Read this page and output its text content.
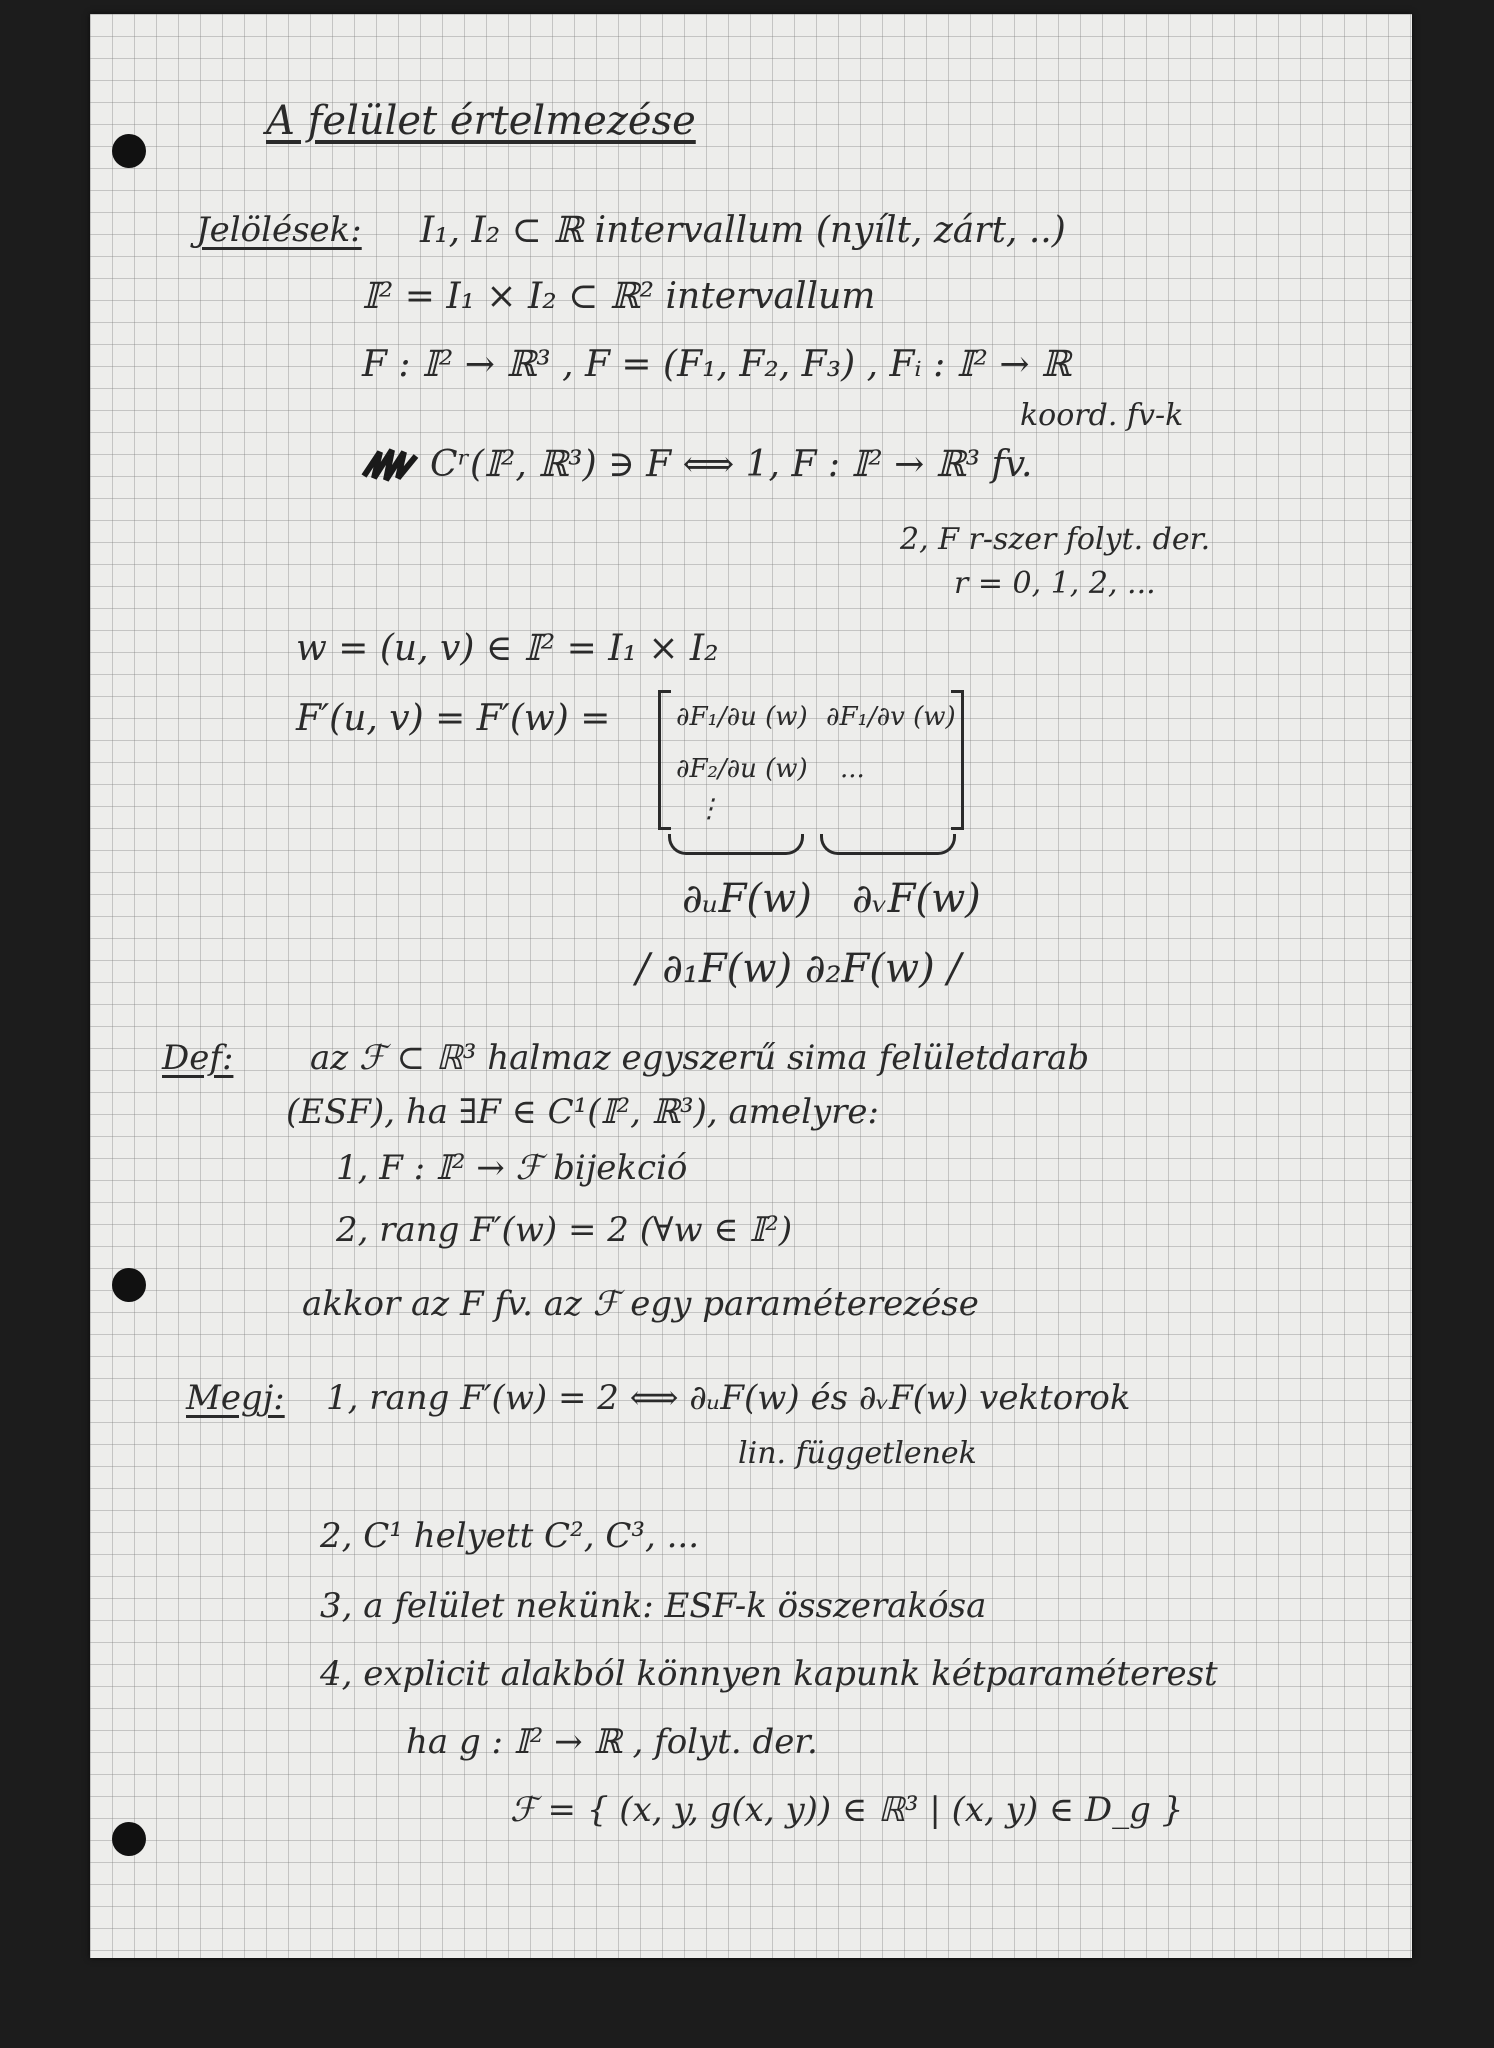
A felület értelmezése
Jelölések: I₁, I₂ ⊂ ℝ intervallum (nyílt, zárt, ..)
𝕀² = I₁ × I₂ ⊂ ℝ² intervallum
F : 𝕀² → ℝ³ , F = (F₁, F₂, F₃) , Fᵢ : 𝕀² → ℝ
koord. fv-k
Cʳ(𝕀², ℝ³) ∋ F ⟺ 1, F : 𝕀² → ℝ³ fv.
2, F r-szer folyt. der.
r = 0, 1, 2, ...
w = (u, v) ∈ 𝕀² = I₁ × I₂
F′(u, v) = F′(w) =	∂F₁/∂u (w) ∂F₁/∂v (w)
∂F₂/∂u (w) ...
⋮
∂ᵤF(w) ∂ᵥF(w)
/ ∂₁F(w) ∂₂F(w) /
Def: az ℱ ⊂ ℝ³ halmaz egyszerű sima felületdarab
(ESF), ha ∃F ∈ C¹(𝕀², ℝ³), amelyre:
1, F : 𝕀² → ℱ bijekció
2, rang F′(w) = 2 (∀w ∈ 𝕀²)
akkor az F fv. az ℱ egy paraméterezése
Megj: 1, rang F′(w) = 2 ⟺ ∂ᵤF(w) és ∂ᵥF(w) vektorok
lin. függetlenek
2, C¹ helyett C², C³, ...
3, a felület nekünk: ESF-k összerakósa
4, explicit alakból könnyen kapunk kétparaméterest
ha g : 𝕀² → ℝ , folyt. der.
ℱ = { (x, y, g(x, y)) ∈ ℝ³ | (x, y) ∈ D_g }
